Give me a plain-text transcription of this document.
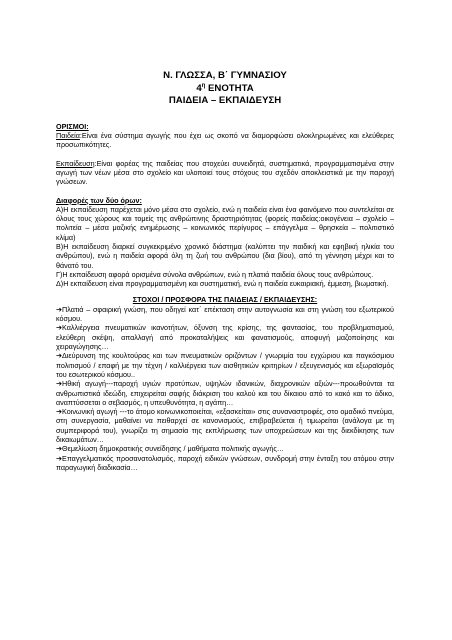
Ν. ΓΛΩΣΣΑ, Β΄ ΓΥΜΝΑΣΙΟΥ

$4^\eta$ ΕΝΟΤΗΤΑ

ΠΑΙΔΕΙΑ – ΕΚΠΑΙΔΕΥΣΗ

ΟΡΙΣΜΟΙ:

Παιδεία:Είναι ένα σύστημα αγωγής που έχει ως σκοπό να διαμορφώσει ολοκληρωμένες και ελεύθερες προσωπικότητες.

Εκπαίδευση:Είναι φορέας της παιδείας που στοχεύει συνειδητά, συστηματικά, προγραμματισμένα στην αγωγή των νέων μέσα στο σχολείο και υλοποιεί τους στόχους του σχεδόν αποκλειστικά με την παροχή γνώσεων.

Διαφορές των δύο όρων:

Α)Η εκπαίδευση παρέχεται μόνο μέσα στο σχολείο, ενώ η παιδεία είναι ένα φαινόμενο που συντελείται σε όλους τους χώρους και τομείς της ανθρώπινης δραστηριότητας (φορείς παιδείας:οικογένεια – σχολείο – πολιτεία – μέσα μαζικής ενημέρωσης – κοινωνικός περίγυρος – επάγγελμα – θρησκεία – πολιτιστικό κλίμα)

Β)Η εκπαίδευση διαρκεί συγκεκριμένο χρονικό διάστημα (καλύπτει την παιδική και εφηβική ηλικία του ανθρώπου), ενώ η παιδεία αφορά όλη τη ζωή του ανθρώπου (δια βίου), από τη γέννηση μέχρι και το θάνατό του.

Γ)Η εκπαίδευση αφορά ορισμένα σύνολα ανθρώπων, ενώ η πλατιά παιδεία όλους τους ανθρώπους.

Δ)Η εκπαίδευση είναι προγραμματισμένη και συστηματική, ενώ η παιδεία ευκαιριακή, έμμεση, βιωματική.

ΣΤΟΧΟΙ / ΠΡΟΣΦΟΡΑ ΤΗΣ ΠΑΙΔΕΙΑΣ / ΕΚΠΑΙΔΕΥΣΗΣ:

➔Πλατιά – σφαιρική γνώση, που οδηγεί κατ΄ επέκταση στην αυτογνωσία και στη γνώση του εξωτερικού κόσμου.

➔Καλλιέργεια πνευματικών ικανοτήτων, όξυνση της κρίσης, της φαντασίας, του προβληματισμού, ελεύθερη σκέψη, απαλλαγή από προκαταλήψεις και φανατισμούς, αποφυγή μαζοποίησης και χειραγώγησης…

➔Διεύρυνση της κουλτούρας και των πνευματικών οριζόντων / γνωριμία του εγχώριου και παγκόσμιου πολιτισμού / επαφή με την τέχνη / καλλιέργεια των αισθητικών κριτηρίων / εξευγενισμός και εξωραϊσμός του εσωτερικού κόσμου..

➔Ηθική αγωγή---παροχή υγιών προτύπων, υψηλών ιδανικών, διαχρονικών αξιών---προωθούνται τα ανθρωπιστικά ιδεώδη, επιχειρείται σαφής διάκριση του καλού και του δίκαιου από το κακό και το άδικο, αναπτύσσεται ο σεβασμός, η υπευθυνότητα, η αγάπη…

➔Κοινωνική αγωγή ---το άτομο κοινωνικοποιείται, «εξασκείται» στις συναναστροφές, στο ομαδικό πνεύμα, στη συνεργασία, μαθαίνει να πειθαρχεί σε κανονισμούς, επιβραβεύεται ή τιμωρείται (ανάλογα με τη συμπεριφορά του), γνωρίζει τη σημασία της εκπλήρωσης των υποχρεώσεων και της διεκδίκησης των δικαιωμάτων…

➔Θεμελίωση δημοκρατικής συνείδησης / μαθήματα πολιτικής αγωγής…

➔Επαγγελματικός προσανατολισμός, παροχή ειδικών γνώσεων, συνδρομή στην ένταξη του ατόμου στην παραγωγική διαδικασία…
